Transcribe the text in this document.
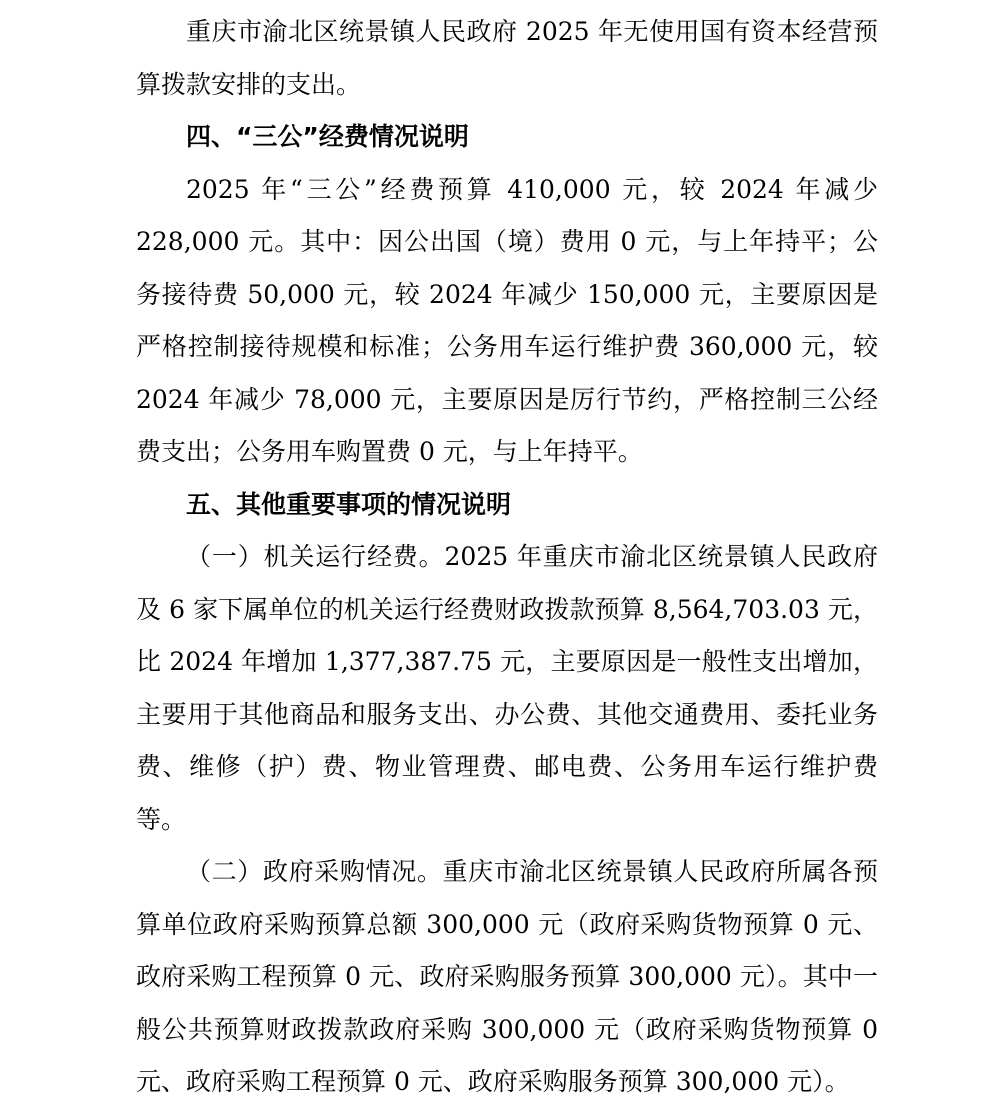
重庆市渝北区统景镇人民政府 2025 年无使用国有资本经营预算拨款安排的支出。

四、“三公”经费情况说明

2025 年“三公”经费预算 410,000 元，较 2024 年减少 228,000 元。其中：因公出国（境）费用 0 元，与上年持平；公务接待费 50,000 元，较 2024 年减少 150,000 元，主要原因是严格控制接待规模和标准；公务用车运行维护费 360,000 元，较 2024 年减少 78,000 元，主要原因是厉行节约，严格控制三公经费支出；公务用车购置费 0 元，与上年持平。

五、其他重要事项的情况说明

（一）机关运行经费。2025 年重庆市渝北区统景镇人民政府及 6 家下属单位的机关运行经费财政拨款预算 8,564,703.03 元，比 2024 年增加 1,377,387.75 元，主要原因是一般性支出增加，主要用于其他商品和服务支出、办公费、其他交通费用、委托业务费、维修（护）费、物业管理费、邮电费、公务用车运行维护费等。

（二）政府采购情况。重庆市渝北区统景镇人民政府所属各预算单位政府采购预算总额 300,000 元（政府采购货物预算 0 元、政府采购工程预算 0 元、政府采购服务预算 300,000 元）。其中一般公共预算财政拨款政府采购 300,000 元（政府采购货物预算 0 元、政府采购工程预算 0 元、政府采购服务预算 300,000 元）。
